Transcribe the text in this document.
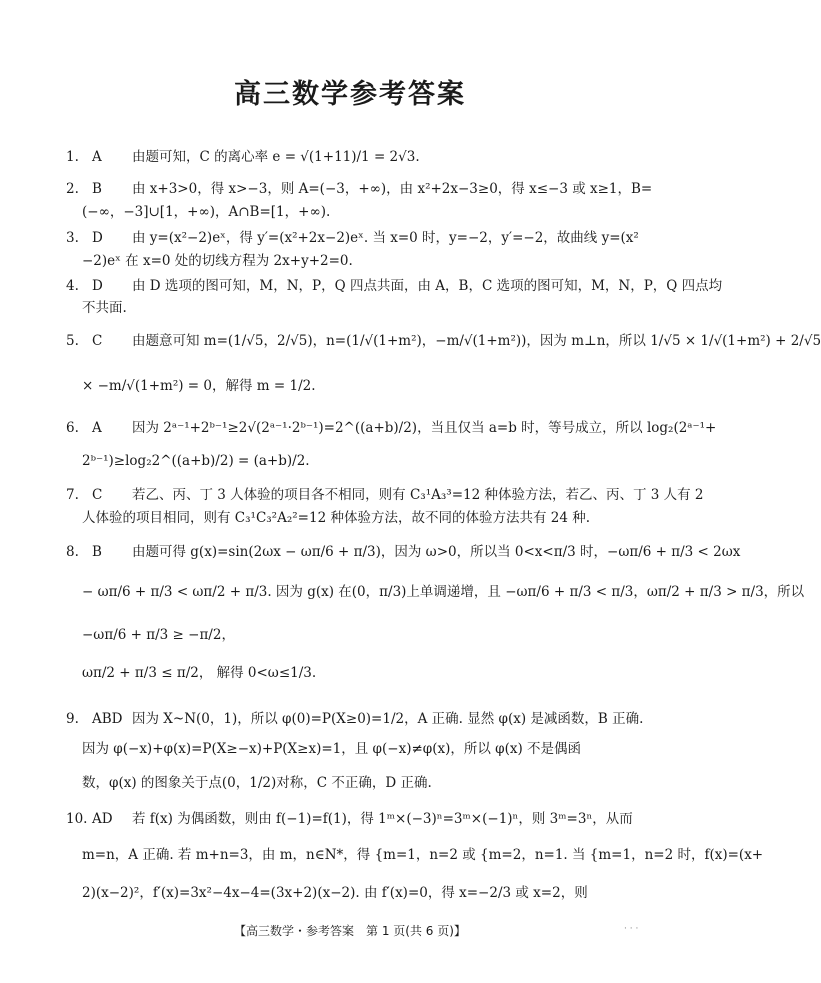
高三数学参考答案
1. A 由题可知，C 的离心率 e = √(1+11)/1 = 2√3.
2. B 由 x+3>0，得 x>−3，则 A=(−3，+∞)，由 x²+2x−3≥0，得 x≤−3 或 x≥1，B=
(−∞，−3]∪[1，+∞)，A∩B=[1，+∞).
3. D 由 y=(x²−2)eˣ，得 y′=(x²+2x−2)eˣ. 当 x=0 时，y=−2，y′=−2，故曲线 y=(x²
−2)eˣ 在 x=0 处的切线方程为 2x+y+2=0.
4. D 由 D 选项的图可知，M，N，P，Q 四点共面，由 A，B，C 选项的图可知，M，N，P，Q 四点均
不共面.
5. C 由题意可知 m=(1/√5，2/√5)，n=(1/√(1+m²)，−m/√(1+m²))，因为 m⊥n，所以 1/√5 × 1/√(1+m²) + 2/√5
× −m/√(1+m²) = 0，解得 m = 1/2.
6. A 因为 2ᵃ⁻¹+2ᵇ⁻¹≥2√(2ᵃ⁻¹·2ᵇ⁻¹)=2^((a+b)/2)，当且仅当 a=b 时，等号成立，所以 log₂(2ᵃ⁻¹+
2ᵇ⁻¹)≥log₂2^((a+b)/2) = (a+b)/2.
7. C 若乙、丙、丁 3 人体验的项目各不相同，则有 C₃¹A₃³=12 种体验方法，若乙、丙、丁 3 人有 2
人体验的项目相同，则有 C₃¹C₃²A₂²=12 种体验方法，故不同的体验方法共有 24 种.
8. B 由题可得 g(x)=sin(2ωx − ωπ/6 + π/3)，因为 ω>0，所以当 0<x<π/3 时，−ωπ/6 + π/3 < 2ωx
− ωπ/6 + π/3 < ωπ/2 + π/3. 因为 g(x) 在(0，π/3)上单调递增，且 −ωπ/6 + π/3 < π/3，ωπ/2 + π/3 > π/3，所以
−ωπ/6 + π/3 ≥ −π/2，
ωπ/2 + π/3 ≤ π/2， 解得 0<ω≤1/3.
9. ABD 因为 X~N(0，1)，所以 φ(0)=P(X≥0)=1/2，A 正确. 显然 φ(x) 是减函数，B 正确.
因为 φ(−x)+φ(x)=P(X≥−x)+P(X≥x)=1，且 φ(−x)≠φ(x)，所以 φ(x) 不是偶函
数，φ(x) 的图象关于点(0，1/2)对称，C 不正确，D 正确.
10. AD 若 f(x) 为偶函数，则由 f(−1)=f(1)，得 1ᵐ×(−3)ⁿ=3ᵐ×(−1)ⁿ，则 3ᵐ=3ⁿ，从而
m=n，A 正确. 若 m+n=3，由 m，n∈N*，得 {m=1，n=2 或 {m=2，n=1. 当 {m=1，n=2 时，f(x)=(x+
2)(x−2)²，f′(x)=3x²−4x−4=(3x+2)(x−2). 由 f′(x)=0，得 x=−2/3 或 x=2，则
【高三数学・参考答案　第 1 页(共 6 页)】	· · ·
